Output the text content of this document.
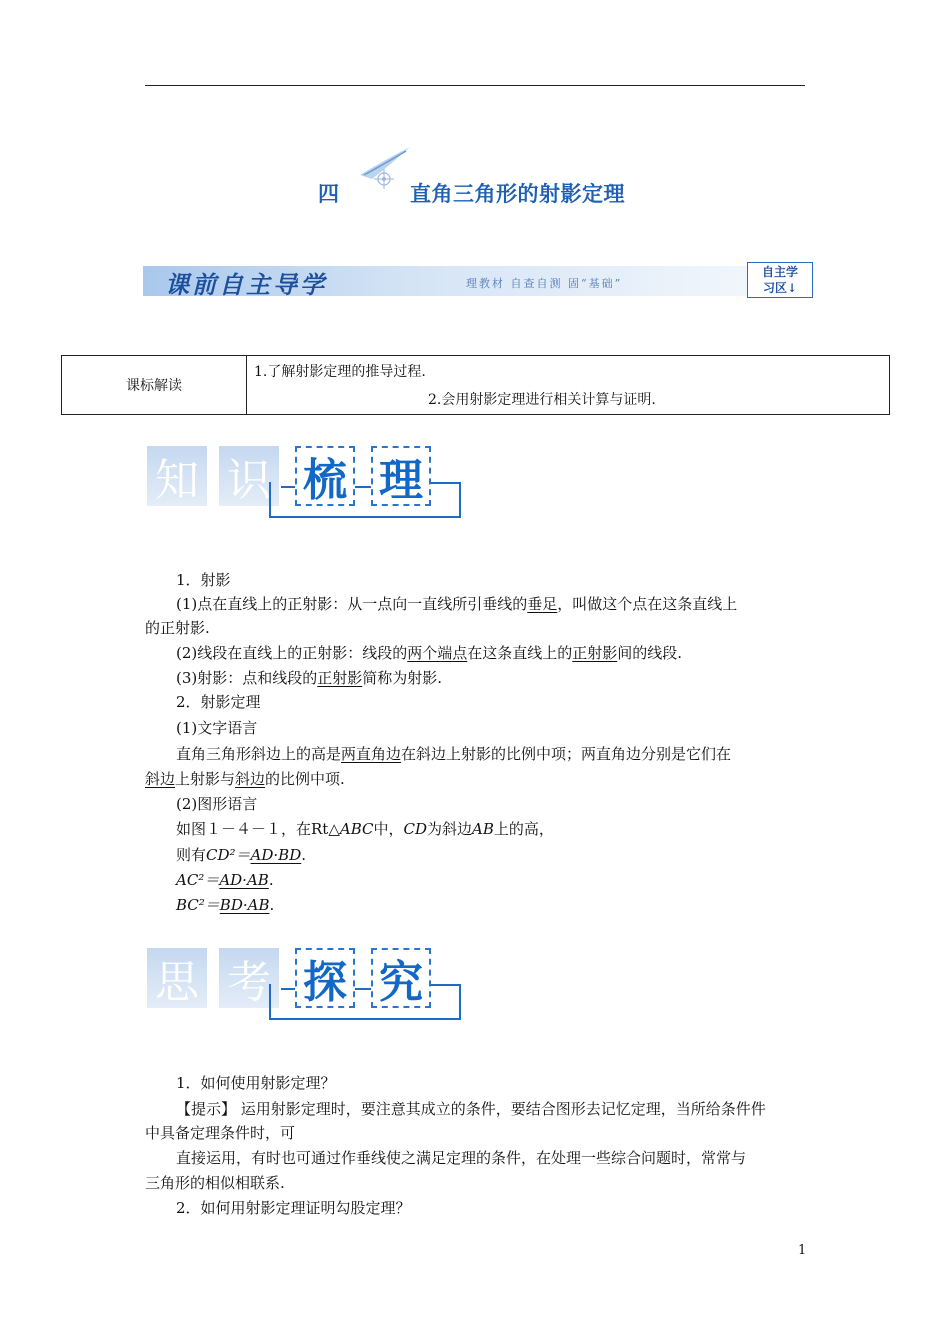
四	直角三角形的射影定理
课前自主导学	理教材 自查自测 固“基础”
自主学
习区↓
课标解读
1.了解射影定理的推导过程.
2.会用射影定理进行相关计算与证明.
知 识 梳 理
1．射影
(1)点在直线上的正射影：从一点向一直线所引垂线的垂足，叫做这个点在这条直线上
的正射影.
(2)线段在直线上的正射影：线段的两个端点在这条直线上的正射影间的线段.
(3)射影：点和线段的正射影简称为射影.
2．射影定理
(1)文字语言
直角三角形斜边上的高是两直角边在斜边上射影的比例中项；两直角边分别是它们在
斜边上射影与斜边的比例中项.
(2)图形语言
如图１－４－１，在Rt△ABC中，CD为斜边AB上的高，
则有CD²＝AD·BD.
AC²＝AD·AB.
BC²＝BD·AB.
思 考 探 究
1．如何使用射影定理？
【提示】 运用射影定理时，要注意其成立的条件，要结合图形去记忆定理，当所给条件件
中具备定理条件时，可
直接运用，有时也可通过作垂线使之满足定理的条件，在处理一些综合问题时，常常与
三角形的相似相联系.
2．如何用射影定理证明勾股定理？
1
